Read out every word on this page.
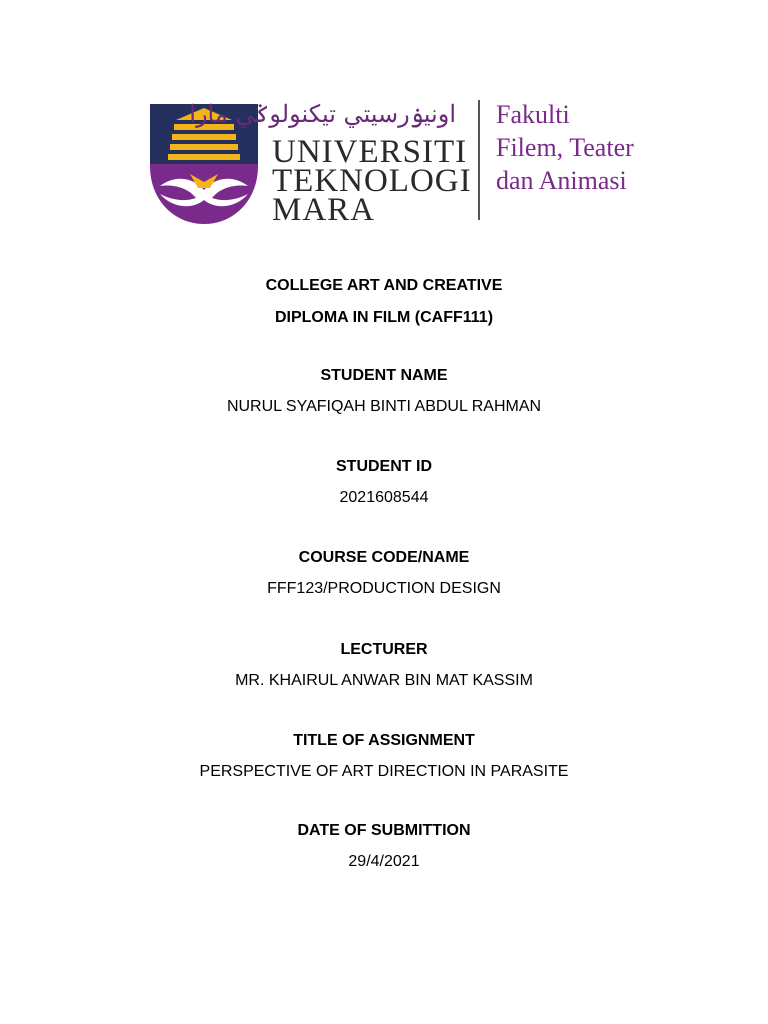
اونيۏرسيتي تيكنولوݢي مارا
UNIVERSITI
TEKNOLOGI
MARA
Fakulti
Filem, Teater
dan Animasi
COLLEGE ART AND CREATIVE
DIPLOMA IN FILM (CAFF111)
STUDENT NAME
NURUL SYAFIQAH BINTI ABDUL RAHMAN
STUDENT ID
2021608544
COURSE CODE/NAME
FFF123/PRODUCTION DESIGN
LECTURER
MR. KHAIRUL ANWAR BIN MAT KASSIM
TITLE OF ASSIGNMENT
PERSPECTIVE OF ART DIRECTION IN PARASITE
DATE OF SUBMITTION
29/4/2021
